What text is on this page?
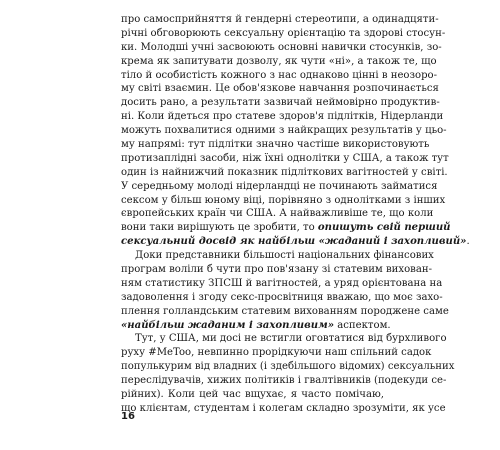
про самосприйняття й гендерні стереотипи, а одинадцяти-
річні обговорюють сексуальну орієнтацію та здорові стосун-
ки. Молодші учні засвоюють основні навички стосунків, зо-
крема як запитувати дозволу, як чути «ні», а також те, що
тіло й особистість кожного з нас однаково цінні в неозоро-
му світі взаємин. Це обов'язкове навчання розпочинається
досить рано, а результати зазвичай неймовірно продуктив-
ні. Коли йдеться про статеве здоров'я підлітків, Нідерланди
можуть похвалитися одними з найкращих результатів у цьо-
му напрямі: тут підлітки значно частіше використовують
протизаплідні засоби, ніж їхні однолітки у США, а також тут
один із найнижчий показник підліткових вагітностей у світі.
У середньому молоді нідерландці не починають займатися
сексом у більш юному віці, порівняно з однолітками з інших
європейських країн чи США. А найважливіше те, що коли
вони таки вирішують це зробити, то опишуть свій перший
сексуальний досвід як найбільш «жаданий і захопливий».
Доки представники більшості національних фінансових
програм воліли б чути про пов'язану зі статевим вихован-
ням статистику ЗПСШ й вагітностей, а уряд орієнтована на
задоволення і згоду секс-просвітниця вважаю, що моє захо-
плення голландським статевим вихованням породжене саме
«найбільш жаданим і захопливим» аспектом.
Тут, у США, ми досі не встигли оговтатися від бурхливого
руху #MeToo, невпинно прорідкуючи наш спільний садок
популькурим від владних (і здебільшого відомих) сексуальних
переслідувачів, хижих політиків і гвалтівників (подекуди се-
рійних). Коли цей час вщухає, я часто помічаю,
що клієнтам, студентам і колегам складно зрозуміти, як усе
16
